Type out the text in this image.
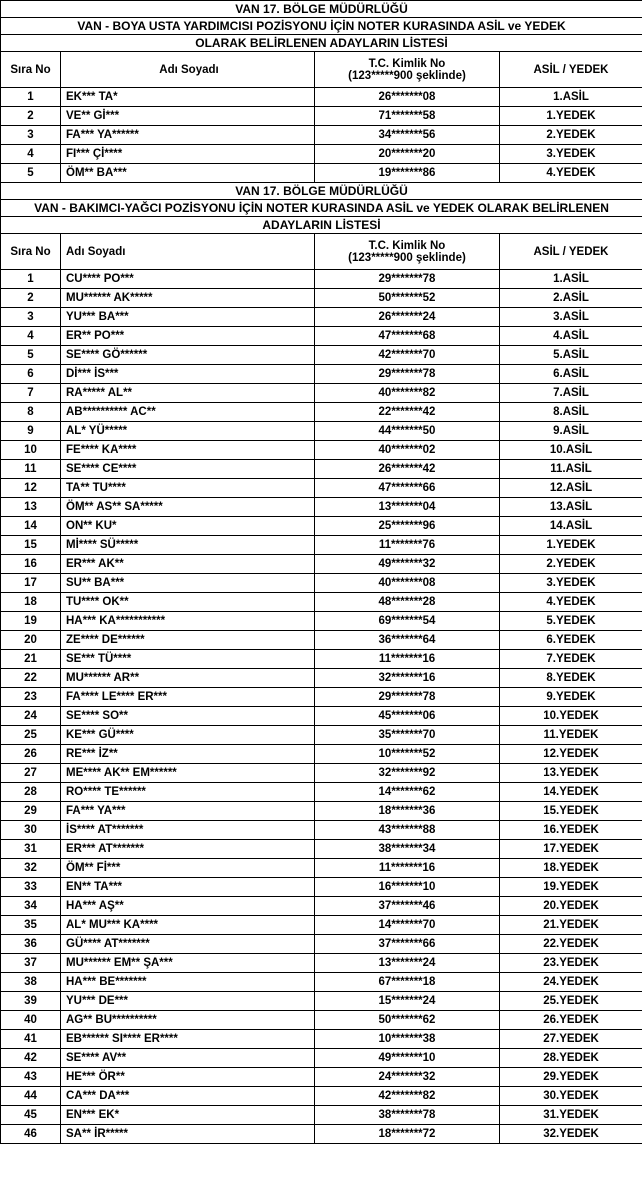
VAN 17. BÖLGE MÜDÜRLÜĞÜ			
VAN - BOYA USTA YARDIMCISI POZİSYONU İÇİN NOTER KURASINDA ASİL ve YEDEK			
OLARAK BELİRLENEN ADAYLARIN LİSTESİ			
Sıra No	Adı Soyadı	T.C. Kimlik No
(123*****900 şeklinde)	ASİL / YEDEK
1	EK*** TA*	26*******08	1.ASİL
2	VE** Gİ***	71*******58	1.YEDEK
3	FA*** YA******	34*******56	2.YEDEK
4	FI*** Çİ****	20*******20	3.YEDEK
5	ÖM** BA***	19*******86	4.YEDEK
VAN 17. BÖLGE MÜDÜRLÜĞÜ			
VAN - BAKIMCI-YAĞCI POZİSYONU İÇİN NOTER KURASINDA ASİL ve YEDEK OLARAK BELİRLENEN			
ADAYLARIN LİSTESİ			
Sıra No	Adı Soyadı	T.C. Kimlik No
(123*****900 şeklinde)	ASİL / YEDEK
1	CU**** PO***	29*******78	1.ASİL
2	MU****** AK*****	50*******52	2.ASİL
3	YU*** BA***	26*******24	3.ASİL
4	ER** PO***	47*******68	4.ASİL
5	SE**** GÖ******	42*******70	5.ASİL
6	Dİ*** İS***	29*******78	6.ASİL
7	RA***** AL**	40*******82	7.ASİL
8	AB********** AC**	22*******42	8.ASİL
9	AL* YÜ*****	44*******50	9.ASİL
10	FE**** KA****	40*******02	10.ASİL
11	SE**** CE****	26*******42	11.ASİL
12	TA** TU****	47*******66	12.ASİL
13	ÖM** AS** SA*****	13*******04	13.ASİL
14	ON** KU*	25*******96	14.ASİL
15	Mİ**** SÜ*****	11*******76	1.YEDEK
16	ER*** AK**	49*******32	2.YEDEK
17	SU** BA***	40*******08	3.YEDEK
18	TU**** OK**	48*******28	4.YEDEK
19	HA*** KA***********	69*******54	5.YEDEK
20	ZE**** DE******	36*******64	6.YEDEK
21	SE*** TÜ****	11*******16	7.YEDEK
22	MU****** AR**	32*******16	8.YEDEK
23	FA**** LE**** ER***	29*******78	9.YEDEK
24	SE**** SO**	45*******06	10.YEDEK
25	KE*** GÜ****	35*******70	11.YEDEK
26	RE*** İZ**	10*******52	12.YEDEK
27	ME**** AK** EM******	32*******92	13.YEDEK
28	RO**** TE******	14*******62	14.YEDEK
29	FA*** YA***	18*******36	15.YEDEK
30	İS**** AT*******	43*******88	16.YEDEK
31	ER*** AT*******	38*******34	17.YEDEK
32	ÖM** Fİ***	11*******16	18.YEDEK
33	EN** TA***	16*******10	19.YEDEK
34	HA*** AŞ**	37*******46	20.YEDEK
35	AL* MU*** KA****	14*******70	21.YEDEK
36	GÜ**** AT*******	37*******66	22.YEDEK
37	MU****** EM** ŞA***	13*******24	23.YEDEK
38	HA*** BE*******	67*******18	24.YEDEK
39	YU*** DE***	15*******24	25.YEDEK
40	AG** BU**********	50*******62	26.YEDEK
41	EB****** SI**** ER****	10*******38	27.YEDEK
42	SE**** AV**	49*******10	28.YEDEK
43	HE*** ÖR**	24*******32	29.YEDEK
44	CA*** DA***	42*******82	30.YEDEK
45	EN*** EK*	38*******78	31.YEDEK
46	SA** İR*****	18*******72	32.YEDEK
